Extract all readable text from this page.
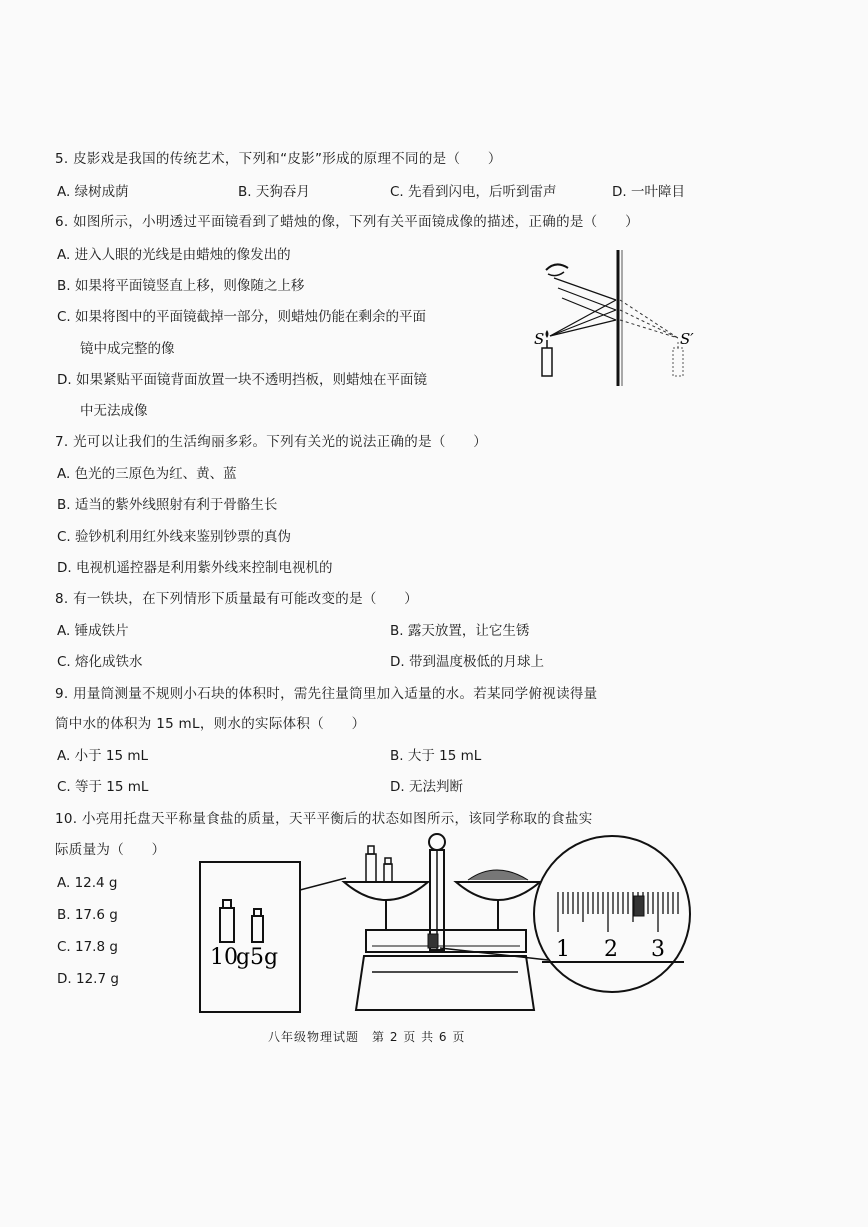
5. 皮影戏是我国的传统艺术，下列和“皮影”形成的原理不同的是（　　）
A. 绿树成荫	B. 天狗吞月	C. 先看到闪电，后听到雷声	D. 一叶障目
6. 如图所示，小明透过平面镜看到了蜡烛的像，下列有关平面镜成像的描述，正确的是（　　）
A. 进入人眼的光线是由蜡烛的像发出的
B. 如果将平面镜竖直上移，则像随之上移
C. 如果将图中的平面镜截掉一部分，则蜡烛仍能在剩余的平面
镜中成完整的像
D. 如果紧贴平面镜背面放置一块不透明挡板，则蜡烛在平面镜
中无法成像
S	S′
7. 光可以让我们的生活绚丽多彩。下列有关光的说法正确的是（　　）
A. 色光的三原色为红、黄、蓝
B. 适当的紫外线照射有利于骨骼生长
C. 验钞机利用红外线来鉴别钞票的真伪
D. 电视机遥控器是利用紫外线来控制电视机的
8. 有一铁块，在下列情形下质量最有可能改变的是（　　）
A. 锤成铁片	B. 露天放置，让它生锈
C. 熔化成铁水	D. 带到温度极低的月球上
9. 用量筒测量不规则小石块的体积时，需先往量筒里加入适量的水。若某同学俯视读得量
筒中水的体积为 15 mL，则水的实际体积（　　）
A. 小于 15 mL	B. 大于 15 mL
C. 等于 15 mL	D. 无法判断
10. 小亮用托盘天平称量食盐的质量，天平平衡后的状态如图所示，该同学称取的食盐实
际质量为（　　）
A. 12.4 g
B. 17.6 g
C. 17.8 g
D. 12.7 g
10
g 5 g	1 2 3
八年级物理试题　第 2 页 共 6 页
